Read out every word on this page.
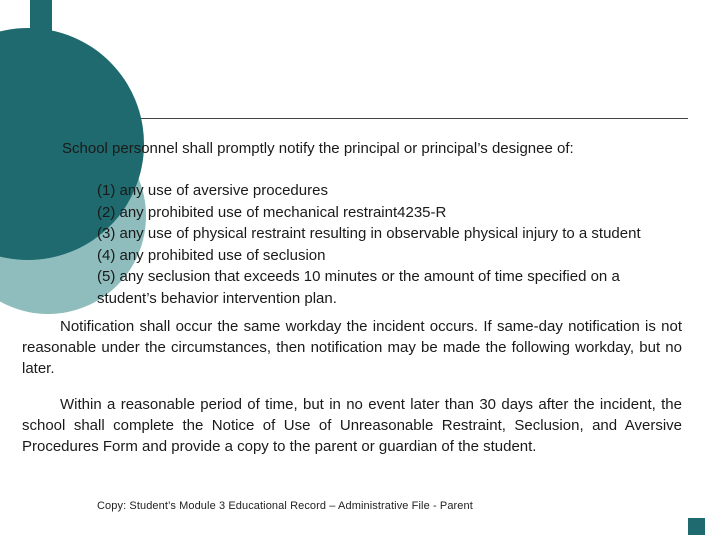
School personnel shall promptly notify the principal or principal’s designee of:
(1) any use of aversive procedures
(2) any prohibited use of mechanical restraint4235-R
(3) any use of physical restraint resulting in observable physical injury to a student
(4) any prohibited use of seclusion
(5) any seclusion that exceeds 10 minutes or the amount of time specified on a student’s behavior intervention plan.

Notification shall occur the same workday the incident occurs. If same-day notification is not reasonable under the circumstances, then notification may be made the following workday, but no later.

Within a reasonable period of time, but in no event later than 30 days after the incident, the school shall complete the Notice of Use of Unreasonable Restraint, Seclusion, and Aversive Procedures Form and provide a copy to the parent or guardian of the student.

Copy: Student’s Module 3 Educational Record – Administrative File - Parent
